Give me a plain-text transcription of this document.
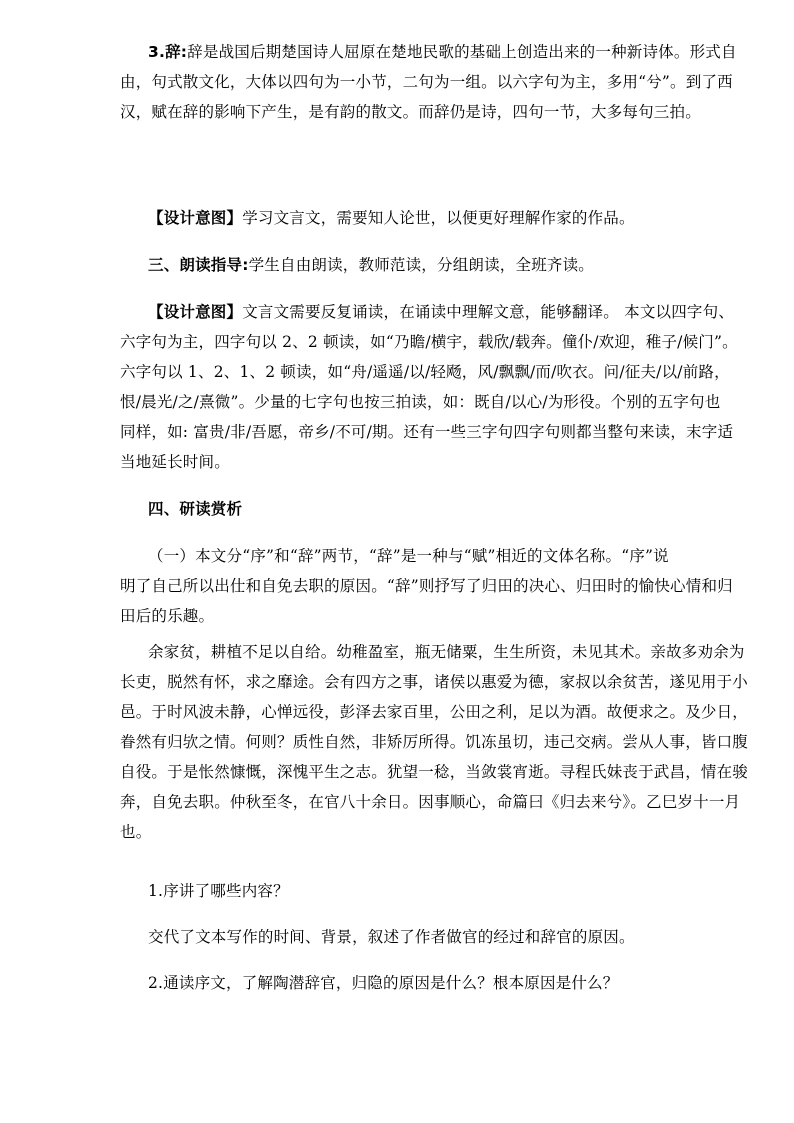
3.辞:辞是战国后期楚国诗人屈原在楚地民歌的基础上创造出来的一种新诗体。形式自
由，句式散文化，大体以四句为一小节，二句为一组。以六字句为主，多用“兮”。到了西
汉，赋在辞的影响下产生，是有韵的散文。而辞仍是诗，四句一节，大多每句三拍。
【设计意图】学习文言文，需要知人论世，以便更好理解作家的作品。
三、朗读指导:学生自由朗读，教师范读，分组朗读，全班齐读。
【设计意图】文言文需要反复诵读，在诵读中理解文意，能够翻译。 本文以四字句、
六字句为主，四字句以 2、2 顿读，如“乃瞻/横宇，载欣/载奔。僮仆/欢迎，稚子/候门”。
六字句以 1、2、1、2 顿读，如“舟/遥遥/以/轻飏，风/飘飘/而/吹衣。问/征夫/以/前路，
恨/晨光/之/熹微”。少量的七字句也按三拍读，如：既自/以心/为形役。个别的五字句也
同样，如: 富贵/非/吾愿，帝乡/不可/期。还有一些三字句四字句则都当整句来读，末字适
当地延长时间。
四、研读赏析
（一）本文分“序”和“辞”两节，“辞”是一种与“赋”相近的文体名称。“序”说
明了自己所以出仕和自免去职的原因。“辞”则抒写了归田的决心、归田时的愉快心情和归
田后的乐趣。
余家贫，耕植不足以自给。幼稚盈室，瓶无储粟，生生所资，未见其术。亲故多劝余为
长吏，脱然有怀，求之靡途。会有四方之事，诸侯以惠爱为德，家叔以余贫苦，遂见用于小
邑。于时风波未静，心惮远役，彭泽去家百里，公田之利，足以为酒。故便求之。及少日，
眷然有归欤之情。何则？质性自然，非矫厉所得。饥冻虽切，违己交病。尝从人事，皆口腹
自役。于是怅然慷慨，深愧平生之志。犹望一稔，当敛裳宵逝。寻程氏妹丧于武昌，情在骏
奔，自免去职。仲秋至冬，在官八十余日。因事顺心，命篇曰《归去来兮》。乙巳岁十一月
也。
1.序讲了哪些内容？
交代了文本写作的时间、背景，叙述了作者做官的经过和辞官的原因。
2.通读序文，了解陶潜辞官，归隐的原因是什么？根本原因是什么？
